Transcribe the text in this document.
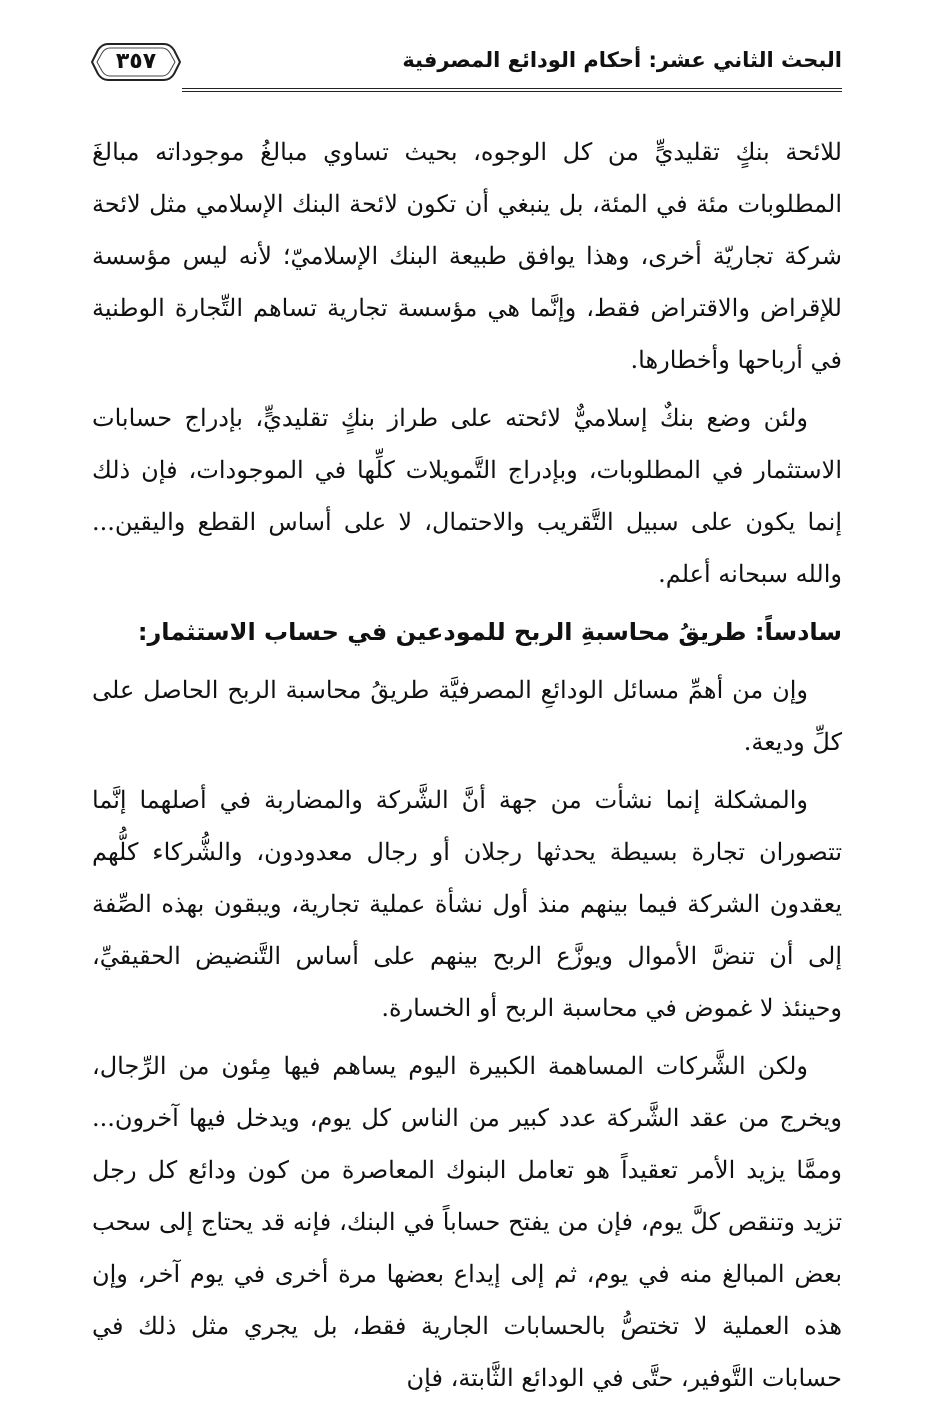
البحث الثاني عشر: أحكام الودائع المصرفية
٣٥٧

للائحة بنكٍ تقليديٍّ من كل الوجوه، بحيث تساوي مبالغُ موجوداته مبالغَ المطلوبات مئة في المئة، بل ينبغي أن تكون لائحة البنك الإسلامي مثل لائحة شركة تجاريّة أخرى، وهذا يوافق طبيعة البنك الإسلاميّ؛ لأنه ليس مؤسسة للإقراض والاقتراض فقط، وإنَّما هي مؤسسة تجارية تساهم التِّجارة الوطنية في أرباحها وأخطارها.

ولئن وضع بنكٌ إسلاميٌّ لائحته على طراز بنكٍ تقليديٍّ، بإدراج حسابات الاستثمار في المطلوبات، وبإدراج التَّمويلات كلِّها في الموجودات، فإن ذلك إنما يكون على سبيل التَّقريب والاحتمال، لا على أساس القطع واليقين... والله سبحانه أعلم.

سادساً: طريقُ محاسبةِ الربح للمودعين في حساب الاستثمار:

وإن من أهمِّ مسائل الودائعِ المصرفيَّة طريقُ محاسبة الربح الحاصل على كلِّ وديعة.

والمشكلة إنما نشأت من جهة أنَّ الشَّركة والمضاربة في أصلهما إنَّما تتصوران تجارة بسيطة يحدثها رجلان أو رجال معدودون، والشُّركاء كلُّهم يعقدون الشركة فيما بينهم منذ أول نشأة عملية تجارية، ويبقون بهذه الصِّفة إلى أن تنضَّ الأموال ويوزَّع الربح بينهم على أساس التَّنضيض الحقيقيِّ، وحينئذ لا غموض في محاسبة الربح أو الخسارة.

ولكن الشَّركات المساهمة الكبيرة اليوم يساهم فيها مِئون من الرِّجال، ويخرج من عقد الشَّركة عدد كبير من الناس كل يوم، ويدخل فيها آخرون... وممَّا يزيد الأمر تعقيداً هو تعامل البنوك المعاصرة من كون ودائع كل رجل تزيد وتنقص كلَّ يوم، فإن من يفتح حساباً في البنك، فإنه قد يحتاج إلى سحب بعض المبالغ منه في يوم، ثم إلى إيداع بعضها مرة أخرى في يوم آخر، وإن هذه العملية لا تختصُّ بالحسابات الجارية فقط، بل يجري مثل ذلك في حسابات التَّوفير، حتَّى في الودائع الثَّابتة، فإن
